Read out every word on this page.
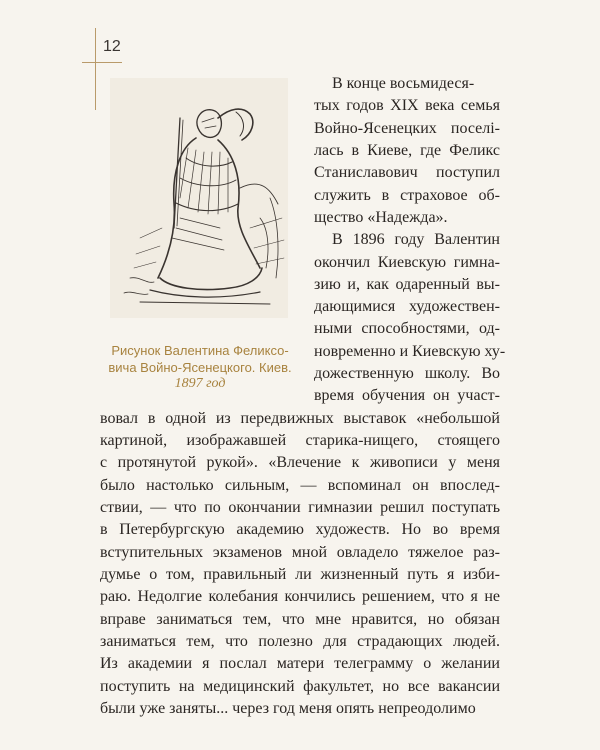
12
Рисунок Валентина Феликсо-
вича Войно-Ясенецкого. Киев.
1897 год
В конце восьмидеся-
тых годов XIX века семья
Войно-Ясенецких поселі-
лась в Киеве, где Феликс
Станиславович поступил
служить в страховое об-
щество «Надежда».
В 1896 году Валентин
окончил Киевскую гимна-
зию и, как одаренный вы-
дающимися художествен-
ными способностями, од-
новременно и Киевскую ху-
дожественную школу. Во
время обучения он участ-
вовал в одной из передвижных выставок «небольшой
картиной, изображавшей старика-нищего, стоящего
с протянутой рукой». «Влечение к живописи у меня
было настолько сильным, — вспоминал он впослед-
ствии, — что по окончании гимназии решил поступать
в Петербургскую академию художеств. Но во время
вступительных экзаменов мной овладело тяжелое раз-
думье о том, правильный ли жизненный путь я изби-
раю. Недолгие колебания кончились решением, что я не
вправе заниматься тем, что мне нравится, но обязан
заниматься тем, что полезно для страдающих людей.
Из академии я послал матери телеграмму о желании
поступить на медицинский факультет, но все вакансии
были уже заняты... через год меня опять непреодолимо
